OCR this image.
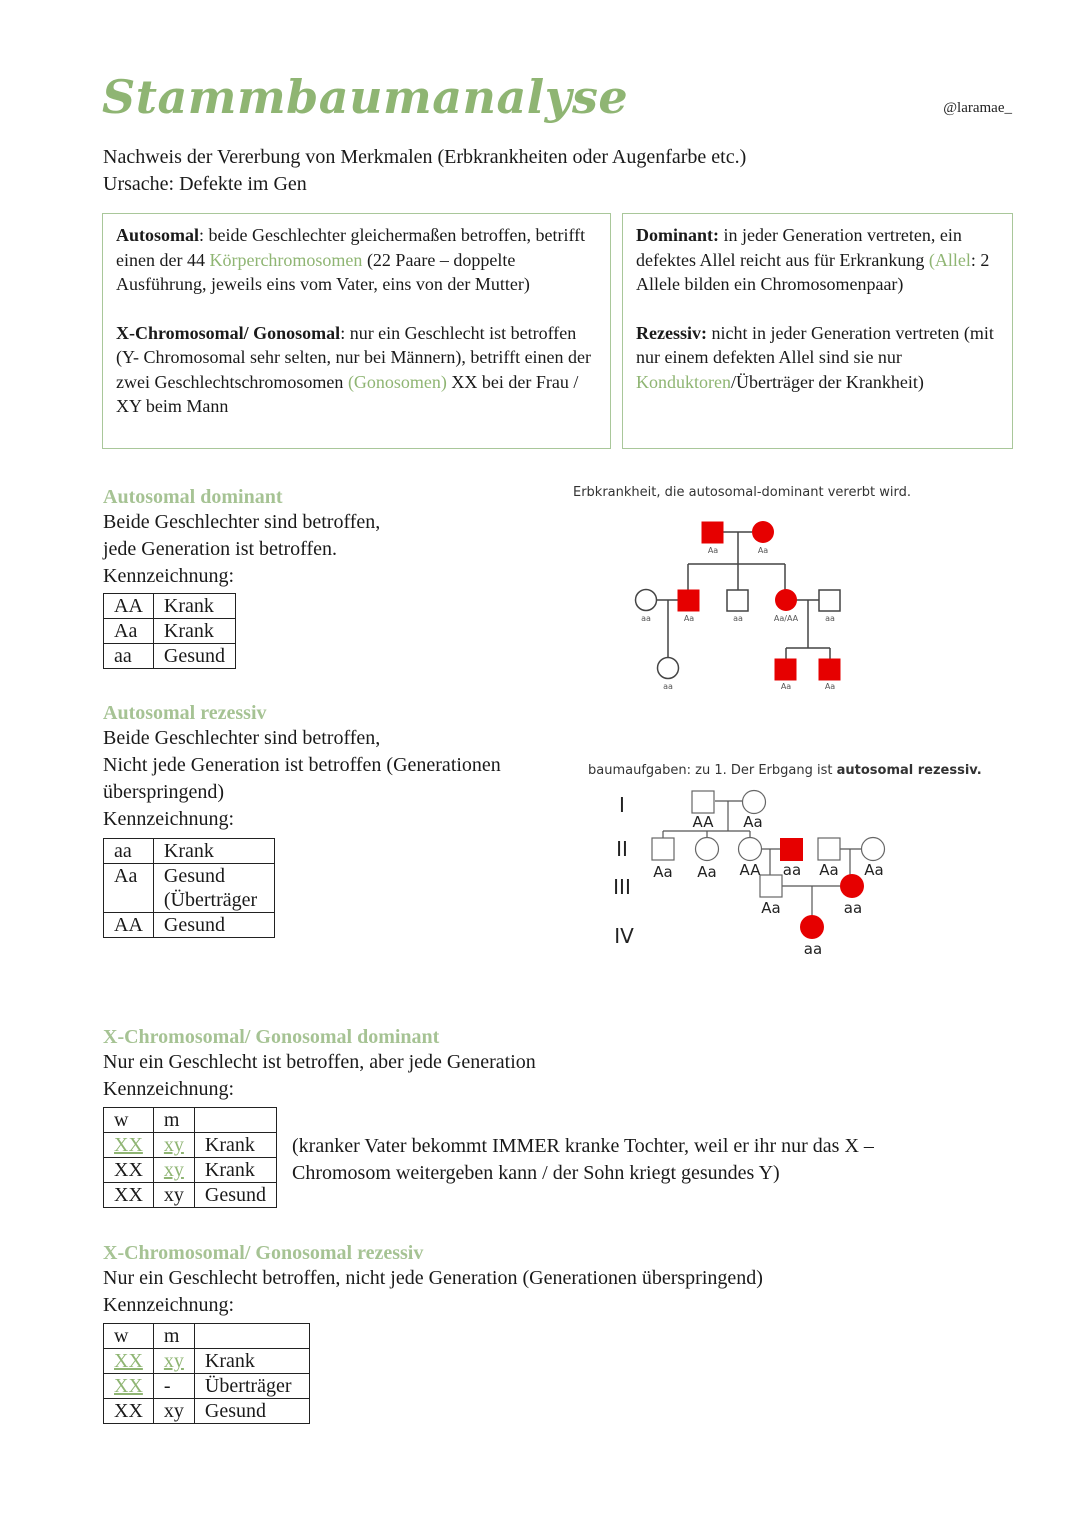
Stammbaumanalyse	@laramae_
Nachweis der Vererbung von Merkmalen (Erbkrankheiten oder Augenfarbe etc.)
Ursache: Defekte im Gen

Autosomal: beide Geschlechter gleichermaßen betroffen, betrifft einen der 44 Körperchromosomen (22 Paare – doppelte Ausführung, jeweils eins vom Vater, eins von der Mutter)

X-Chromosomal/ Gonosomal: nur ein Geschlecht ist betroffen (Y- Chromosomal sehr selten, nur bei Männern), betrifft einen der zwei Geschlechtschromosomen (Gonosomen) XX bei der Frau / XY beim Mann

Dominant: in jeder Generation vertreten, ein defektes Allel reicht aus für Erkrankung (Allel: 2 Allele bilden ein Chromosomenpaar)

Rezessiv: nicht in jeder Generation vertreten (mit nur einem defekten Allel sind sie nur Konduktoren/Überträger der Krankheit)

Autosomal dominant
Beide Geschlechter sind betroffen,
jede Generation ist betroffen.
Kennzeichnung:
AA	Krank
Aa	Krank
aa	Gesund
Autosomal rezessiv
Beide Geschlechter sind betroffen,
Nicht jede Generation ist betroffen (Generationen
überspringend)
Kennzeichnung:
aa	Krank
Aa	Gesund (Überträger
AA	Gesund
X-Chromosomal/ Gonosomal dominant
Nur ein Geschlecht ist betroffen, aber jede Generation
Kennzeichnung:
w	m	
XX	xy	Krank
XX	xy	Krank
XX	xy	Gesund
(kranker Vater bekommt IMMER kranke Tochter, weil er ihr nur das X –
Chromosom weitergeben kann / der Sohn kriegt gesundes Y)
X-Chromosomal/ Gonosomal rezessiv
Nur ein Geschlecht betroffen, nicht jede Generation (Generationen überspringend)
Kennzeichnung:
w	m	
XX	xy	Krank
XX	-	Überträger
XX	xy	Gesund
Erbkrankheit, die autosomal-dominant vererbt wird.
Aa	Aa
aa	Aa	aa	Aa/AA	aa
aa	Aa	Aa
baumaufgaben: zu 1. Der Erbgang ist autosomal rezessiv.
I
II
III
IV
AA Aa
Aa Aa AA aa Aa Aa
Aa	aa
aa
